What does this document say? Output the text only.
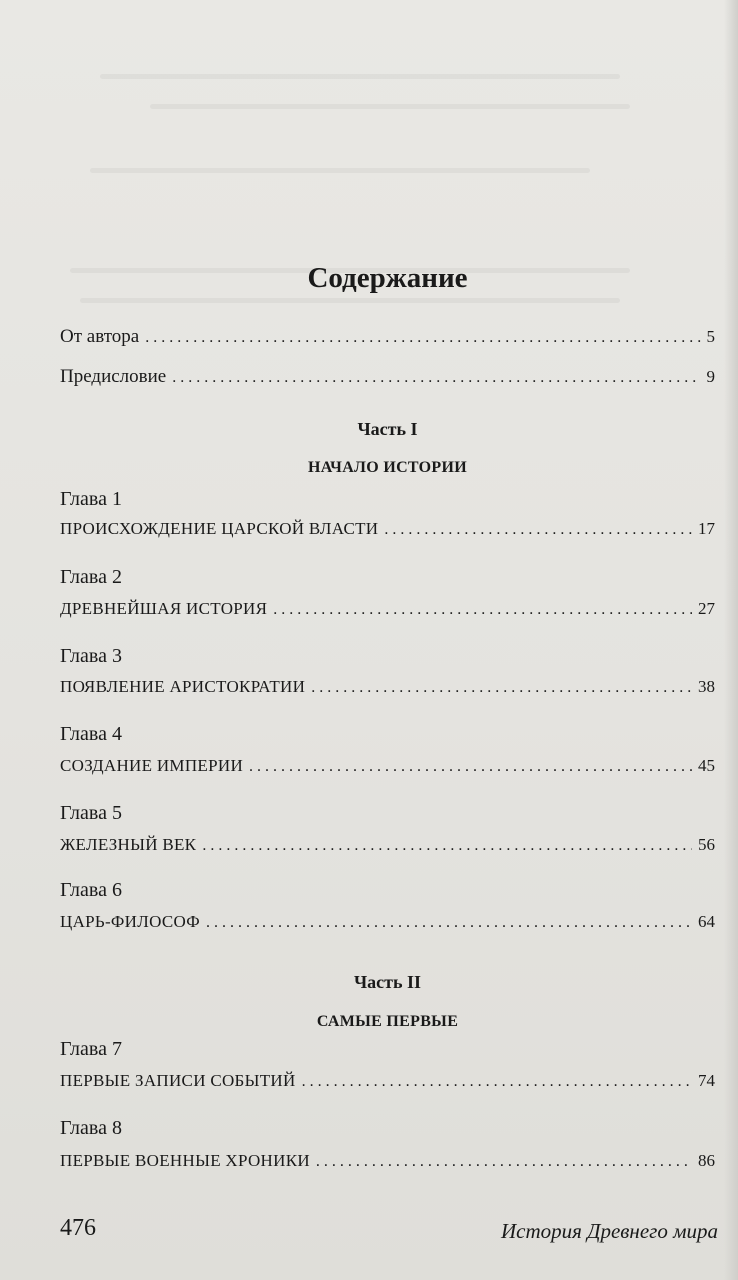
Содержание
От автора . . .	5
Предисловие . . .	9
Часть I
НАЧАЛО ИСТОРИИ
Глава 1
ПРОИСХОЖДЕНИЕ ЦАРСКОЙ ВЛАСТИ . . .	17
Глава 2
ДРЕВНЕЙШАЯ ИСТОРИЯ . . .	27
Глава 3
ПОЯВЛЕНИЕ АРИСТОКРАТИИ . . .	38
Глава 4
СОЗДАНИЕ ИМПЕРИИ . . .	45
Глава 5
ЖЕЛЕЗНЫЙ ВЕК . . .	56
Глава 6
ЦАРЬ-ФИЛОСОФ . . .	64
Часть II
САМЫЕ ПЕРВЫЕ
Глава 7
ПЕРВЫЕ ЗАПИСИ СОБЫТИЙ . . .	74
Глава 8
ПЕРВЫЕ ВОЕННЫЕ ХРОНИКИ . . .	86
476	История Древнего мира
